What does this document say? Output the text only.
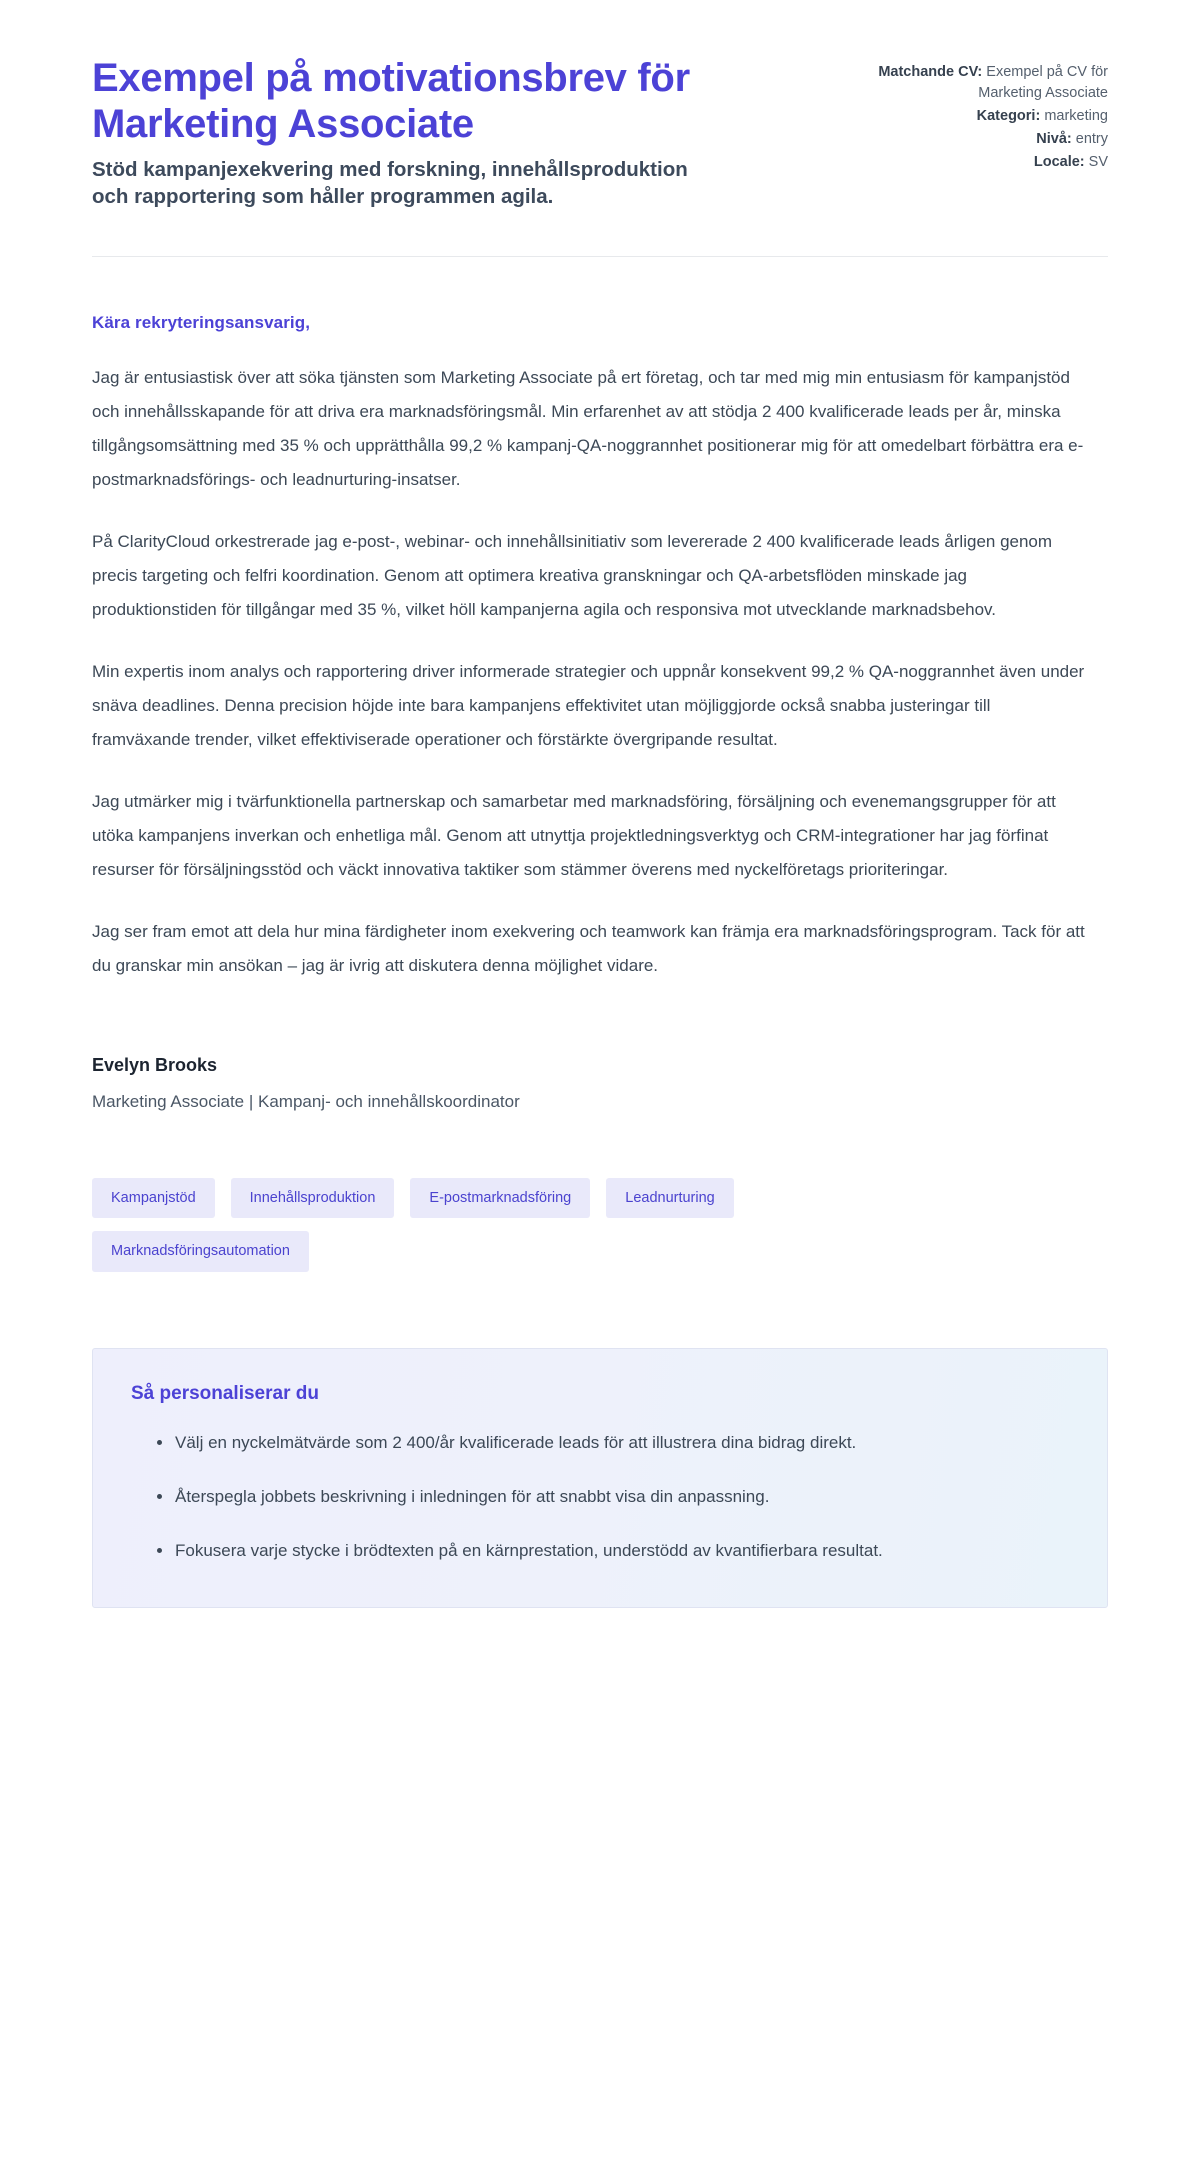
Exempel på motivationsbrev för Marketing Associate

Stöd kampanjexekvering med forskning, innehållsproduktion och rapportering som håller programmen agila.

Matchande CV: Exempel på CV för Marketing Associate
Kategori: marketing
Nivå: entry
Locale: SV

Kära rekryteringsansvarig,

Jag är entusiastisk över att söka tjänsten som Marketing Associate på ert företag, och tar med mig min entusiasm för kampanjstöd och innehållsskapande för att driva era marknadsföringsmål. Min erfarenhet av att stödja 2 400 kvalificerade leads per år, minska tillgångsomsättning med 35 % och upprätthålla 99,2 % kampanj-QA-noggrannhet positionerar mig för att omedelbart förbättra era e-postmarknadsförings- och leadnurturing-insatser.

På ClarityCloud orkestrerade jag e-post-, webinar- och innehållsinitiativ som levererade 2 400 kvalificerade leads årligen genom precis targeting och felfri koordination. Genom att optimera kreativa granskningar och QA-arbetsflöden minskade jag produktionstiden för tillgångar med 35 %, vilket höll kampanjerna agila och responsiva mot utvecklande marknadsbehov.

Min expertis inom analys och rapportering driver informerade strategier och uppnår konsekvent 99,2 % QA-noggrannhet även under snäva deadlines. Denna precision höjde inte bara kampanjens effektivitet utan möjliggjorde också snabba justeringar till framväxande trender, vilket effektiviserade operationer och förstärkte övergripande resultat.

Jag utmärker mig i tvärfunktionella partnerskap och samarbetar med marknadsföring, försäljning och evenemangsgrupper för att utöka kampanjens inverkan och enhetliga mål. Genom att utnyttja projektledningsverktyg och CRM-integrationer har jag förfinat resurser för försäljningsstöd och väckt innovativa taktiker som stämmer överens med nyckelföretags prioriteringar.

Jag ser fram emot att dela hur mina färdigheter inom exekvering och teamwork kan främja era marknadsföringsprogram. Tack för att du granskar min ansökan – jag är ivrig att diskutera denna möjlighet vidare.

Evelyn Brooks

Marketing Associate | Kampanj- och innehållskoordinator

Kampanjstöd	Innehållsproduktion	E-postmarknadsföring	Leadnurturing
Marknadsföringsautomation
Så personaliserar du
Välj en nyckelmätvärde som 2 400/år kvalificerade leads för att illustrera dina bidrag direkt.
Återspegla jobbets beskrivning i inledningen för att snabbt visa din anpassning.
Fokusera varje stycke i brödtexten på en kärnprestation, understödd av kvantifierbara resultat.
